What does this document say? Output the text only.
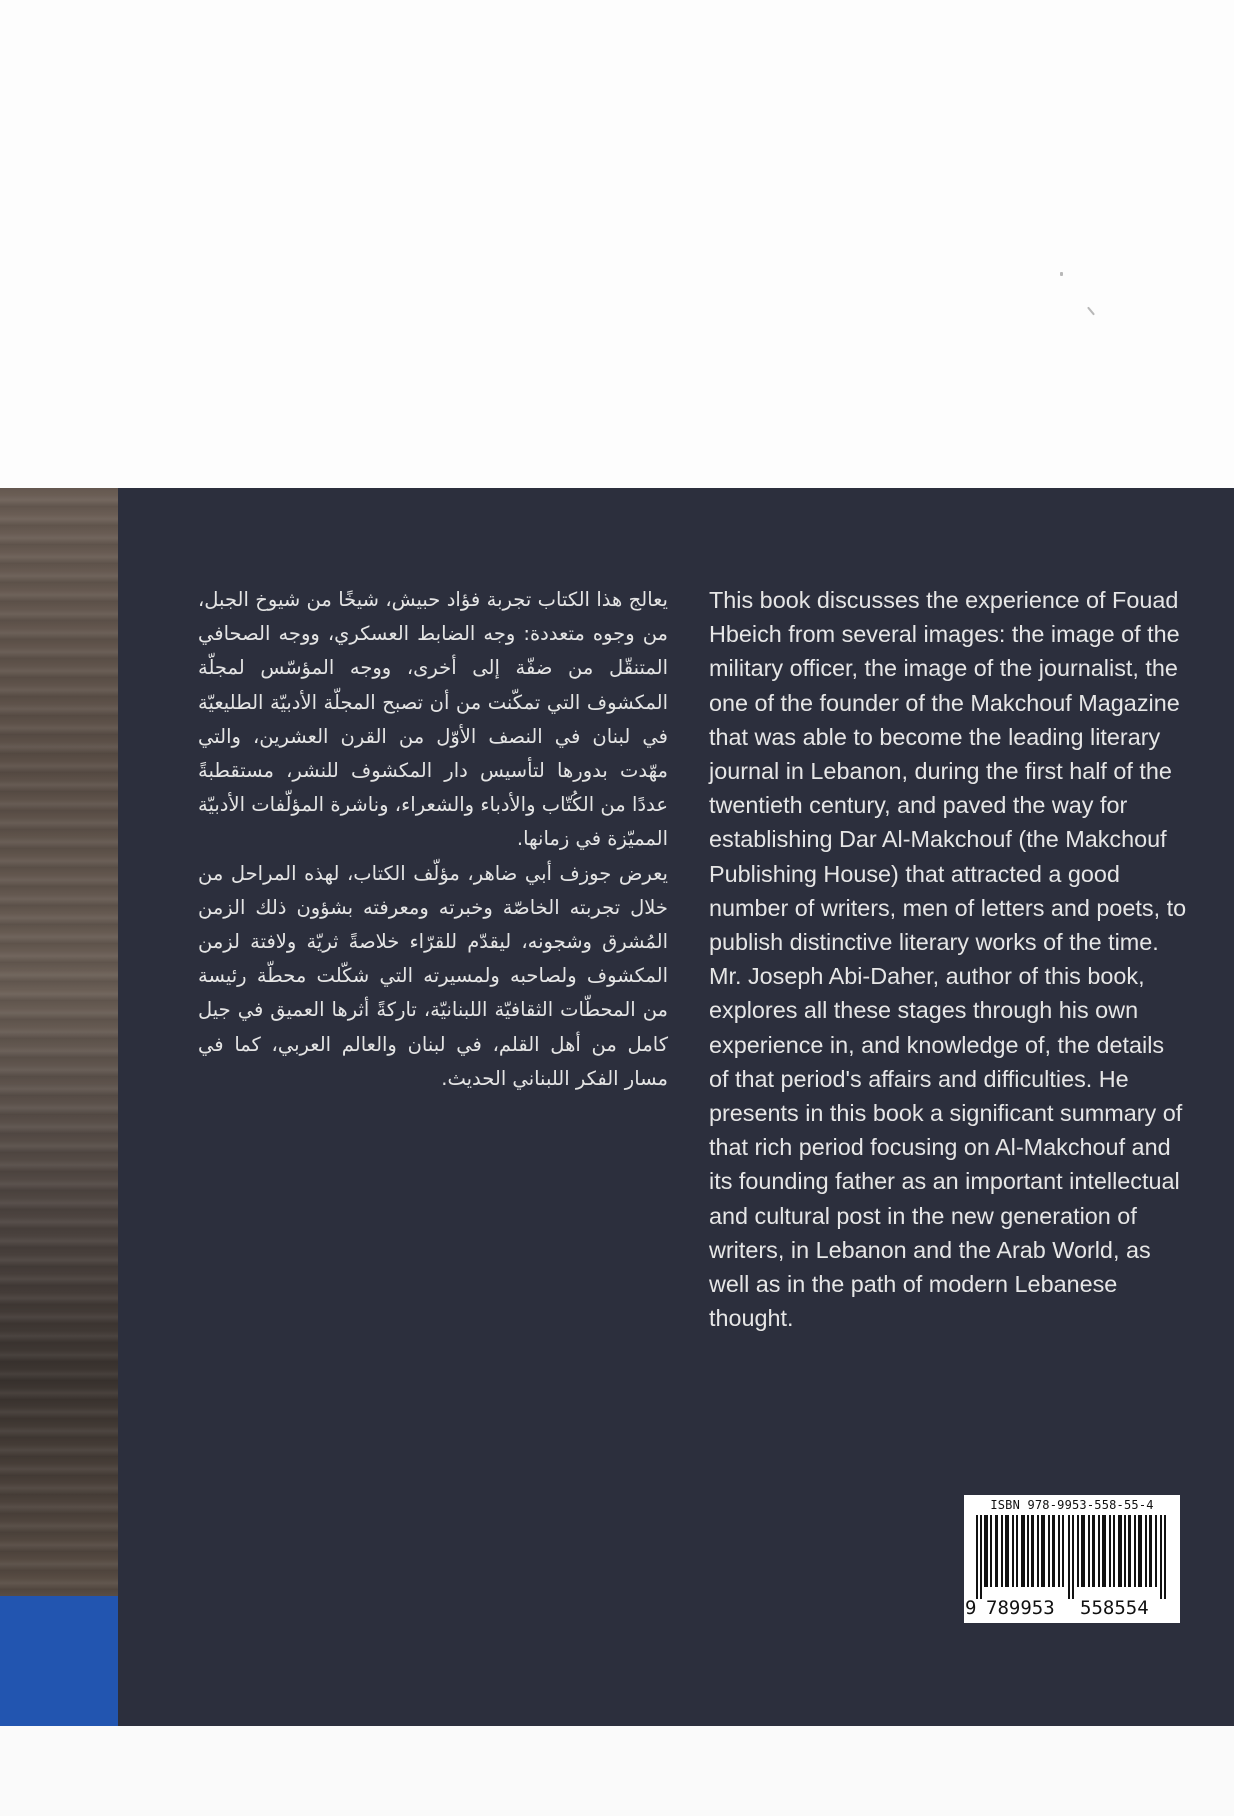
يعالج هذا الكتاب تجربة فؤاد حبيش، شيخًا من شيوخ الجبل، من وجوه متعددة: وجه الضابط العسكري، ووجه الصحافي المتنقّل من ضفّة إلى أخرى، ووجه المؤسّس لمجلّة المكشوف التي تمكّنت من أن تصبح المجلّة الأدبيّة الطليعيّة في لبنان في النصف الأوّل من القرن العشرين، والتي مهّدت بدورها لتأسيس دار المكشوف للنشر، مستقطبةً عددًا من الكُتّاب والأدباء والشعراء، وناشرة المؤلّفات الأدبيّة المميّزة في زمانها.

يعرض جوزف أبي ضاهر، مؤلّف الكتاب، لهذه المراحل من خلال تجربته الخاصّة وخبرته ومعرفته بشؤون ذلك الزمن المُشرق وشجونه، ليقدّم للقرّاء خلاصةً ثريّة ولافتة لزمن المكشوف ولصاحبه ولمسيرته التي شكّلت محطّة رئيسة من المحطّات الثقافيّة اللبنانيّة، تاركةً أثرها العميق في جيل كامل من أهل القلم، في لبنان والعالم العربي، كما في مسار الفكر اللبناني الحديث.

This book discusses the experience of Fouad Hbeich from several images: the image of the military officer, the image of the journalist, the one of the founder of the Makchouf Magazine that was able to become the leading literary journal in Lebanon, during the first half of the twentieth century, and paved the way for establishing Dar Al-Makchouf (the Makchouf Publishing House) that attracted a good number of writers, men of letters and poets, to publish distinctive literary works of the time.

Mr. Joseph Abi-Daher, author of this book, explores all these stages through his own experience in, and knowledge of, the details of that period's affairs and difficulties. He presents in this book a significant summary of that rich period focusing on Al-Makchouf and its founding father as an important intellectual and cultural post in the new generation of writers, in Lebanon and the Arab World, as well as in the path of modern Lebanese thought.

ISBN 978-9953-558-55-4
9 789953 558554
